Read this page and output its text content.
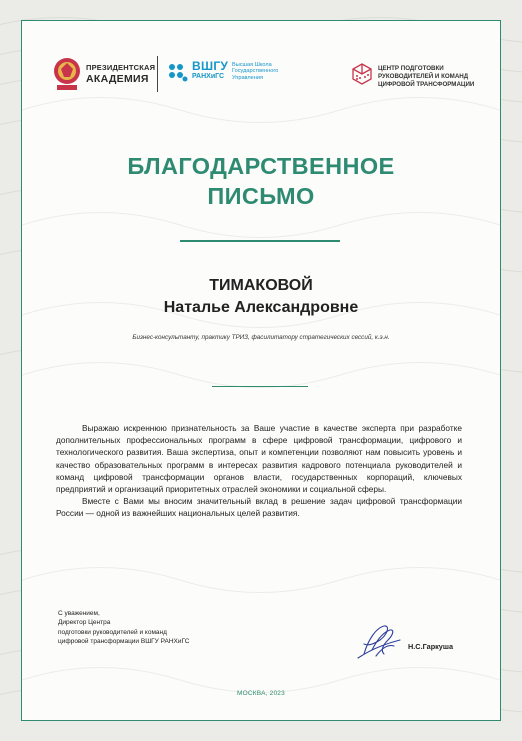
ПРЕЗИДЕНТСКАЯ
АКАДЕМИЯ
ВШГУ
РАНХиГС
Высшая Школа
Государственного
Управления
ЦЕНТР ПОДГОТОВКИ
РУКОВОДИТЕЛЕЙ И КОМАНД
ЦИФРОВОЙ ТРАНСФОРМАЦИИ
БЛАГОДАРСТВЕННОЕ
ПИСЬМО
ТИМАКОВОЙ
Наталье Александровне
Бизнес-консультанту, практику ТРИЗ, фасилитатору стратегических сессий, к.э.н.

Выражаю искреннюю признательность за Ваше участие в качестве эксперта при разработке дополнительных профессиональных программ в сфере цифровой трансформации, цифрового и технологического развития. Ваша экспертиза, опыт и компетенции позволяют нам повысить уровень и качество образовательных программ в интересах развития кадрового потенциала руководителей и команд цифровой трансформации органов власти, государственных корпораций, ключевых предприятий и организаций приоритетных отраслей экономики и социальной сферы.

Вместе с Вами мы вносим значительный вклад в решение задач цифровой трансформации России — одной из важнейших национальных целей развития.

С уважением,
Директор Центра
подготовки руководителей и команд
цифровой трансформации ВШГУ РАНХиГС
Н.С.Гаркуша
МОСКВА, 2023
